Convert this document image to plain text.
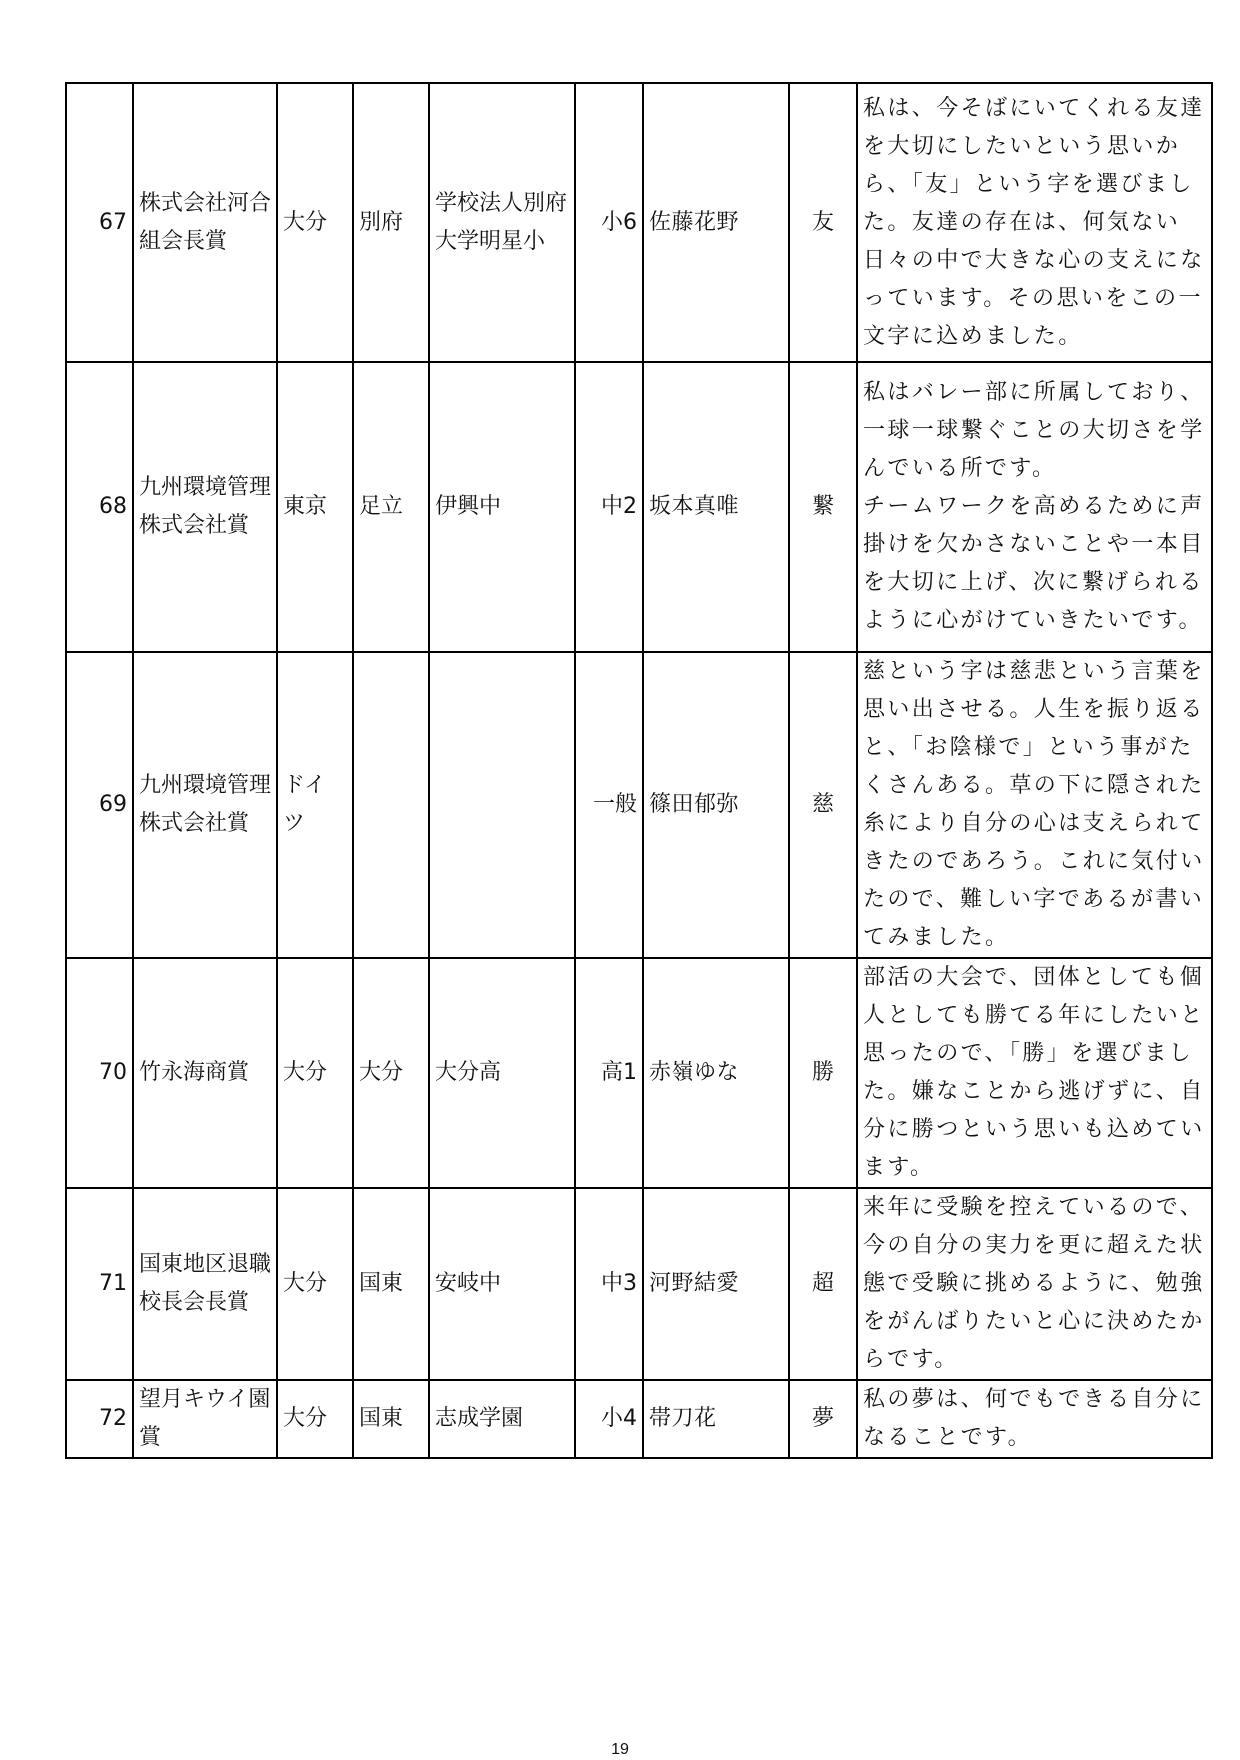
67	株式会社河合組会長賞	大分	別府	学校法人別府大学明星小	小6	佐藤花野	友	私は、今そばにいてくれる友達を大切にしたいという思いから、「友」という字を選びました。友達の存在は、何気ない日々の中で大きな心の支えになっています。その思いをこの一文字に込めました。
68	九州環境管理株式会社賞	東京	足立	伊興中	中2	坂本真唯	繋	私はバレー部に所属しており、一球一球繋ぐことの大切さを学んでいる所です。
チームワークを高めるために声掛けを欠かさないことや一本目を大切に上げ、次に繋げられるように心がけていきたいです。
69	九州環境管理株式会社賞	ドイツ			一般	篠田郁弥	慈	慈という字は慈悲という言葉を思い出させる。人生を振り返ると、「お陰様で」という事がたくさんある。草の下に隠された糸により自分の心は支えられてきたのであろう。これに気付いたので、難しい字であるが書いてみました。
70	竹永海商賞	大分	大分	大分高	高1	赤嶺ゆな	勝	部活の大会で、団体としても個人としても勝てる年にしたいと思ったので、「勝」を選びました。嫌なことから逃げずに、自分に勝つという思いも込めています。
71	国東地区退職校長会長賞	大分	国東	安岐中	中3	河野結愛	超	来年に受験を控えているので、今の自分の実力を更に超えた状態で受験に挑めるように、勉強をがんばりたいと心に決めたからです。
72	望月キウイ園賞	大分	国東	志成学園	小4	帯刀花	夢	私の夢は、何でもできる自分になることです。
19
